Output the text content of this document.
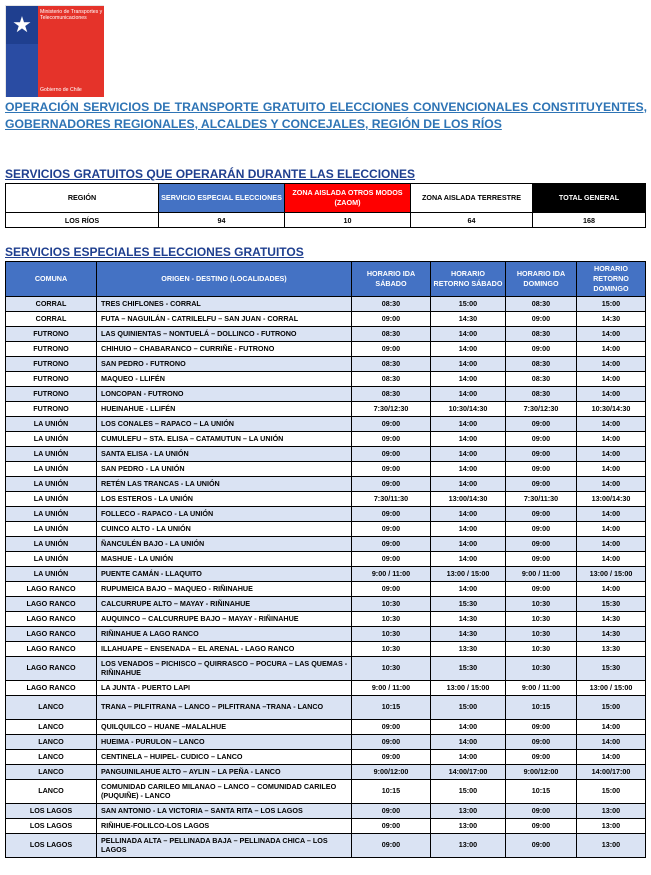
★	Ministerio de Transportes y Telecomunicaciones
Gobierno de Chile
OPERACIÓN SERVICIOS DE TRANSPORTE GRATUITO ELECCIONES CONVENCIONALES CONSTITUYENTES, GOBERNADORES REGIONALES, ALCALDES Y CONCEJALES, REGIÓN DE LOS RÍOS
SERVICIOS GRATUITOS QUE OPERARÁN DURANTE LAS ELECCIONES
REGIÓN	SERVICIO ESPECIAL ELECCIONES	ZONA AISLADA OTROS MODOS (ZAOM)	ZONA AISLADA TERRESTRE	TOTAL GENERAL
LOS RÍOS	94	10	64	168
SERVICIOS ESPECIALES ELECCIONES GRATUITOS
COMUNA	ORIGEN - DESTINO (LOCALIDADES)	HORARIO IDA SÁBADO	HORARIO RETORNO SÁBADO	HORARIO IDA DOMINGO	HORARIO RETORNO DOMINGO
CORRAL	TRES CHIFLONES - CORRAL	08:30	15:00	08:30	15:00
CORRAL	FUTA – NAGUILÁN - CATRILELFU – SAN JUAN - CORRAL	09:00	14:30	09:00	14:30
FUTRONO	LAS QUINIENTAS – NONTUELÁ – DOLLINCO - FUTRONO	08:30	14:00	08:30	14:00
FUTRONO	CHIHUIO – CHABARANCO – CURRIÑE - FUTRONO	09:00	14:00	09:00	14:00
FUTRONO	SAN PEDRO - FUTRONO	08:30	14:00	08:30	14:00
FUTRONO	MAQUEO - LLIFÉN	08:30	14:00	08:30	14:00
FUTRONO	LONCOPAN - FUTRONO	08:30	14:00	08:30	14:00
FUTRONO	HUEINAHUE - LLIFÉN	7:30/12:30	10:30/14:30	7:30/12:30	10:30/14:30
LA UNIÓN	LOS CONALES – RAPACO – LA UNIÓN	09:00	14:00	09:00	14:00
LA UNIÓN	CUMULEFU – STA. ELISA – CATAMUTUN – LA UNIÓN	09:00	14:00	09:00	14:00
LA UNIÓN	SANTA ELISA - LA UNIÓN	09:00	14:00	09:00	14:00
LA UNIÓN	SAN PEDRO - LA UNIÓN	09:00	14:00	09:00	14:00
LA UNIÓN	RETÉN LAS TRANCAS - LA UNIÓN	09:00	14:00	09:00	14:00
LA UNIÓN	LOS ESTEROS - LA UNIÓN	7:30/11:30	13:00/14:30	7:30/11:30	13:00/14:30
LA UNIÓN	FOLLECO - RAPACO - LA UNIÓN	09:00	14:00	09:00	14:00
LA UNIÓN	CUINCO ALTO - LA UNIÓN	09:00	14:00	09:00	14:00
LA UNIÓN	ÑANCULÉN BAJO - LA UNIÓN	09:00	14:00	09:00	14:00
LA UNIÓN	MASHUE - LA UNIÓN	09:00	14:00	09:00	14:00
LA UNIÓN	PUENTE CAMÁN - LLAQUITO	9:00 / 11:00	13:00 / 15:00	9:00 / 11:00	13:00 / 15:00
LAGO RANCO	RUPUMEICA BAJO – MAQUEO - RIÑINAHUE	09:00	14:00	09:00	14:00
LAGO RANCO	CALCURRUPE ALTO – MAYAY - RIÑINAHUE	10:30	15:30	10:30	15:30
LAGO RANCO	AUQUINCO – CALCURRUPE BAJO – MAYAY - RIÑINAHUE	10:30	14:30	10:30	14:30
LAGO RANCO	RIÑINAHUE A LAGO RANCO	10:30	14:30	10:30	14:30
LAGO RANCO	ILLAHUAPE – ENSENADA – EL ARENAL - LAGO RANCO	10:30	13:30	10:30	13:30
LAGO RANCO	LOS VENADOS – PICHISCO – QUIRRASCO – POCURA – LAS QUEMAS - RIÑINAHUE	10:30	15:30	10:30	15:30
LAGO RANCO	LA JUNTA - PUERTO LAPI	9:00 / 11:00	13:00 / 15:00	9:00 / 11:00	13:00 / 15:00
LANCO	TRANA – PILFITRANA – LANCO – PILFITRANA –TRANA - LANCO	10:15	15:00	10:15	15:00
LANCO	QUILQUILCO – HUANE –MALALHUE	09:00	14:00	09:00	14:00
LANCO	HUEIMA - PURULON – LANCO	09:00	14:00	09:00	14:00
LANCO	CENTINELA – HUIPEL- CUDICO – LANCO	09:00	14:00	09:00	14:00
LANCO	PANGUINILAHUE ALTO – AYLIN – LA PEÑA - LANCO	9:00/12:00	14:00/17:00	9:00/12:00	14:00/17:00
LANCO	COMUNIDAD CARILEO MILANAO – LANCO – COMUNIDAD CARILEO (PUQUIÑE) - LANCO	10:15	15:00	10:15	15:00
LOS LAGOS	SAN ANTONIO - LA VICTORIA – SANTA RITA – LOS LAGOS	09:00	13:00	09:00	13:00
LOS LAGOS	RIÑIHUE-FOLILCO-LOS LAGOS	09:00	13:00	09:00	13:00
LOS LAGOS	PELLINADA ALTA – PELLINADA BAJA – PELLINADA CHICA – LOS LAGOS	09:00	13:00	09:00	13:00
